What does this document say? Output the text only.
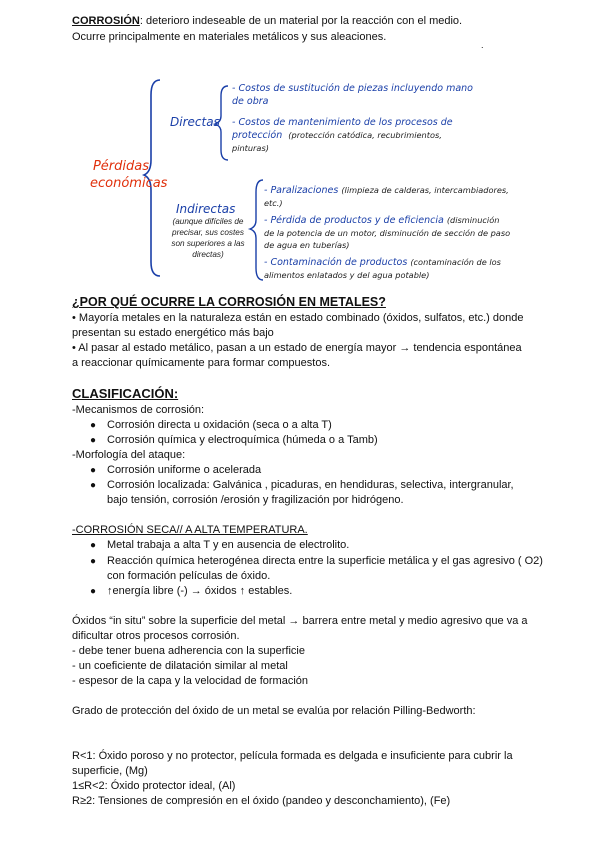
CORROSIÓN: deterioro indeseable de un material por la reacción con el medio.
Ocurre principalmente en materiales metálicos y sus aleaciones.
.
Pérdidas
económicas
Directas
- Costos de sustitución de piezas incluyendo mano
de obra
- Costos de mantenimiento de los procesos de
protección (protección catódica, recubrimientos,
pinturas)
Indirectas
(aunque difíciles de
precisar, sus costes
son superiores a las
directas)
- Paralizaciones (limpieza de calderas, intercambiadores,
etc.)
- Pérdida de productos y de eficiencia (disminución
de la potencia de un motor, disminución de sección de paso
de agua en tuberías)
- Contaminación de productos (contaminación de los
alimentos enlatados y del agua potable)
¿POR QUÉ OCURRE LA CORROSIÓN EN METALES?
• Mayoría metales en la naturaleza están en estado combinado (óxidos, sulfatos, etc.) donde
presentan su estado energético más bajo
• Al pasar al estado metálico, pasan a un estado de energía mayor → tendencia espontánea
a reaccionar químicamente para formar compuestos.
CLASIFICACIÓN:
-Mecanismos de corrosión:
● Corrosión directa u oxidación (seca o a alta T)
● Corrosión química y electroquímica (húmeda o a Tamb)
-Morfología del ataque:
● Corrosión uniforme o acelerada
● Corrosión localizada: Galvánica , picaduras, en hendiduras, selectiva, intergranular,
bajo tensión, corrosión /erosión y fragilización por hidrógeno.
-CORROSIÓN SECA// A ALTA TEMPERATURA.
● Metal trabaja a alta T y en ausencia de electrolito.
● Reacción química heterogénea directa entre la superficie metálica y el gas agresivo ( O2)
con formación películas de óxido.
● ↑energía libre (-) → óxidos ↑ estables.
Óxidos “in situ” sobre la superficie del metal → barrera entre metal y medio agresivo que va a
dificultar otros procesos corrosión.
- debe tener buena adherencia con la superficie
- un coeficiente de dilatación similar al metal
- espesor de la capa y la velocidad de formación
Grado de protección del óxido de un metal se evalúa por relación Pilling-Bedworth:
R<1: Óxido poroso y no protector, película formada es delgada e insuficiente para cubrir la
superficie, (Mg)
1≤R<2: Óxido protector ideal, (Al)
R≥2: Tensiones de compresión en el óxido (pandeo y desconchamiento), (Fe)
